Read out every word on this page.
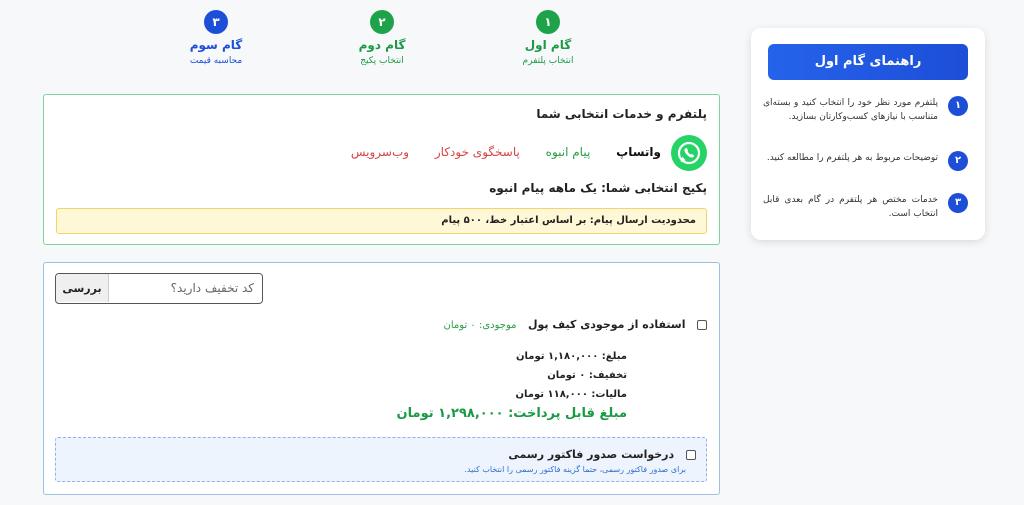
۳
گام سوم
محاسبه قیمت
۲
گام دوم
انتخاب پکیج
۱
گام اول
انتخاب پلتفرم
پلتفرم و خدمات انتخابی شما
واتساپ پیام انبوه پاسخگوی خودکار وب‌سرویس
پکیج انتخابی شما: یک ماهه پیام انبوه
محدودیت ارسال پیام: بر اساس اعتبار خط، ۵۰۰ پیام
کد تخفیف دارید؟
بررسی
استفاده از موجودی کیف پول موجودی: ۰ تومان
مبلغ: ۱,۱۸۰,۰۰۰ تومان
تخفیف: ۰ تومان
مالیات: ۱۱۸,۰۰۰ تومان
مبلغ قابل پرداخت: ۱,۲۹۸,۰۰۰ تومان
درخواست صدور فاکتور رسمی
برای صدور فاکتور رسمی، حتما گزینه فاکتور رسمی را انتخاب کنید.
راهنمای گام اول
۱
پلتفرم مورد نظر خود را انتخاب کنید و بسته‌ای متناسب با نیازهای کسب‌وکارتان بسازید.
۲
توضیحات مربوط به هر پلتفرم را مطالعه کنید.
۳
خدمات مختص هر پلتفرم در گام بعدی قابل انتخاب است.
